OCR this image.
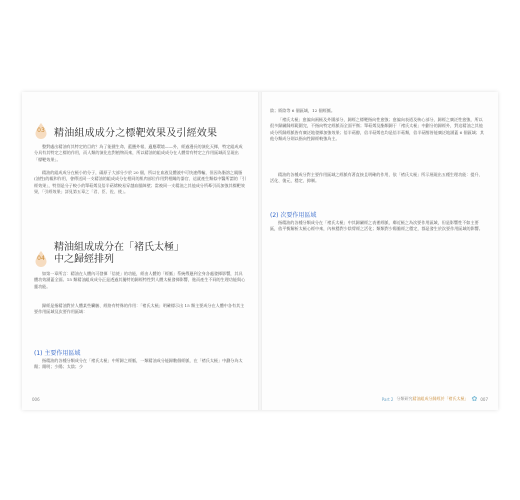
03 精油組成成分之標靶效果及引經效果

整對處出精油有其特定的目的？為了能健生命，藍鹽外報，適應環境——外，經過漫長的演化天擇，特定組成成分具有其特定之標的作用，而人類的演化也對植物而來，所以精油的組成成分在人體常有特定之作用區域而呈現出「標靶效果」。

精油的組成成分在極小的分子，碳原子大部分少於 20 個，所以在血液及體液中可快速傳輸，但因為脂溶之親脂(油性)的親和作用，會傳送同一支精油的組成成分在相同的肌肉部位作用對相關的器官、這就產生類似中醫所謂的「引經效果」，特別是分子較小的單萜烯及倍半萜烯較易穿越血腦障壁；當被同一支精油之其他成分所牽引而加強其標靶效果，「引經效果」詳見第五章之「君、臣、佐、使」。

04
精油組成成分在「褚氏太極」
中之歸經排列

如第一章所言：精油在人體內可發揮「信使」的功能，經由人體的「經脈」系統傳遞到全身各處發揮影響，其具體功效涵蓋全面。15 類精油組成成分正是透過其獨特的歸經特性對人體太極發揮影響，進而產生不同的生理功能與心靈功能。

歸經是指精油對於人體某些臟腑、經絡有特殊的作用：「褚氏太極」明確標示出 15 類主要成分在人體中各有其主要作用區域及次要作用區域：

(1) 主要作用區域

指精油的各種分類成分在「褚氏太極」中所歸之經脈，一類精油成分能歸數個經脈，在「褚氏太極」中劃分為太陽；陽明；少陽；太陰；少

006

陰；厥陰等 6 個區域，12 個經脈。

「褚氏太極」愈偏向兩極及外圍部分，歸經之標靶指向性愈強；愈偏向表道及核心部分，歸經之廣泛性愈強，所以很多歸屬歸經範圍完，不指向特定經脈而全面平衡；單萜烯及酯類歸于「褚氏太極」中劃分的歸經外，對這精油之其他成分所歸經脈皆有廣泛地發揮加強效果；倍半萜醇，倍半萜烯也均是倍半萜類，倍半萜醇皆能廣泛地涵蓋 6 個區域；其他分類成分則以指向性歸經較強為主。

精油的各種成分對主要作用區域之經脈有著直接且明確的作用，依「褚氏太極」所示展現出五種生理功能：提升、活化、復元、穩定、抑制。

(2) 次要作用區域

指精油的各種分類成分在「褚氏太極」中其歸屬經之表裡經脈，鄰近極之為次要作用區域，但是影響性不如主要區，依平衡解析太極心經中來，內核穩對少陰臂經之活化；類類對少陽膽經之穩定，都是發生於次要作用區域的影響。

Part 2 分類研究 精油組成分歸經於「褚氏太極」 ✿ 007
